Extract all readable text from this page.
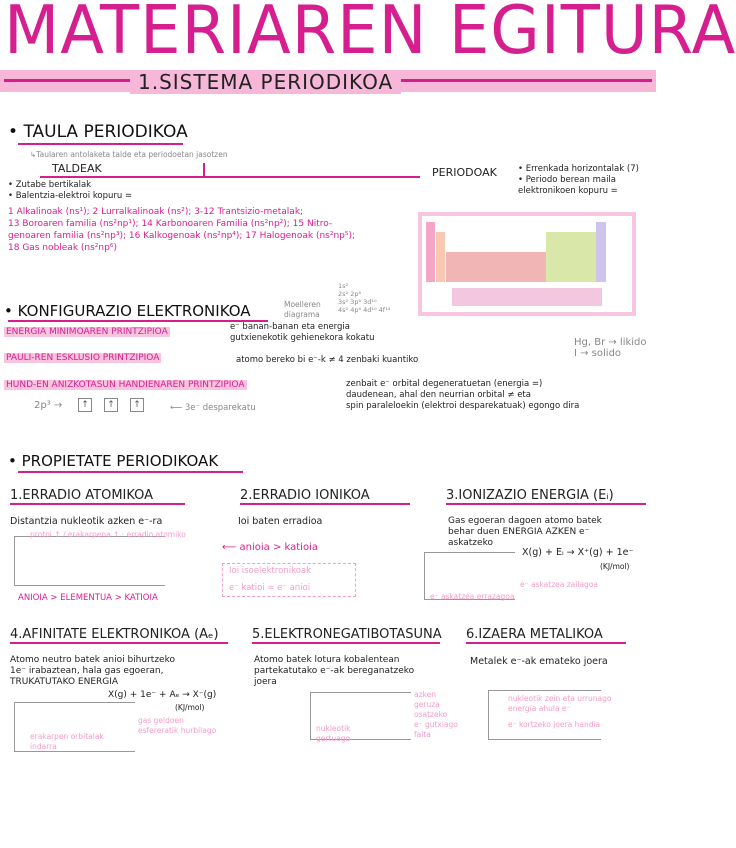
MATERIAREN EGITURA
1.SISTEMA PERIODIKOA
• TAULA PERIODIKOA
↳Taularen antolaketa talde eta periodoetan jasotzen
TALDEAK	PERIODOAK
• Zutabe bertikalak
• Balentzia-elektroi kopuru =
• Errenkada horizontalak (7)
• Periodo berean maila
elektronikoen kopuru =
1 Alkalinoak (ns¹); 2 Lurralkalinoak (ns²); 3-12 Trantsizio-metalak;
13 Boroaren familia (ns²np¹); 14 Karbonoaren Familia (ns²np²); 15 Nitro-
genoaren familia (ns²np³); 16 Kalkogenoak (ns²np⁴); 17 Halogenoak (ns²np⁵);
18 Gas nobleak (ns²np⁶)
Hg, Br → likido
I → solido
• KONFIGURAZIO ELEKTRONIKOA	Moelleren
diagrama
1s²
2s² 2p⁶
3s² 3p⁶ 3d¹⁰
4s² 4p⁶ 4d¹⁰ 4f¹⁴
ENERGIA MINIMOAREN PRINTZIPIOA	e⁻ banan-banan eta energia
gutxienekotik gehienekora kokatu
PAULI-REN ESKLUSIO PRINTZIPIOA	atomo bereko bi e⁻-k ≠ 4 zenbaki kuantiko
HUND-EN ANIZKOTASUN HANDIENAREN PRINTZIPIOA	zenbait e⁻ orbital degeneratuetan (energia =)
daudenean, ahal den neurrian orbital ≠ eta
spin paraleloekin (elektroi desparekatuak) egongo dira
2p³ →	↑	↑	↑	⟵ 3e⁻ desparekatu
• PROPIETATE PERIODIKOAK
1.ERRADIO ATOMIKOA
Distantzia nukleotik azken e⁻-ra
protoi ↑ / erakarpena ↑ · erradio atomiko
ANIOIA > ELEMENTUA > KATIOIA
2.ERRADIO IONIKOA
Ioi baten erradioa
⟵ anioia > katioia
Ioi isoelektronikoak
e⁻ katioi = e⁻ anioi
3.IONIZAZIO ENERGIA (Eᵢ)
Gas egoeran dagoen atomo batek
behar duen ENERGIA AZKEN e⁻
askatzeko
X(g) + Eᵢ → X⁺(g) + 1e⁻
(KJ/mol)
e⁻ askatzea zailagoa
e⁻ askatzea errazagoa
4.AFINITATE ELEKTRONIKOA (Aₑ)
Atomo neutro batek anioi bihurtzeko
1e⁻ irabaztean, hala gas egoeran,
TRUKATUTAKO ENERGIA
X(g) + 1e⁻ + Aₑ → X⁻(g)
(KJ/mol)
gas geldoen
esfereratik hurbilago
erakarpen orbitalak
indarra
5.ELEKTRONEGATIBOTASUNA
Atomo batek lotura kobalentean
partekatutako e⁻-ak bereganatzeko
joera
azken
geruza
osatzeko
e⁻ gutxiago
falta
nukleotik
gertuago
6.IZAERA METALIKOA
Metalek e⁻-ak emateko joera
nukleotik zein eta urrunago
energia ahula e⁻
e⁻ kortzeko joera handia
